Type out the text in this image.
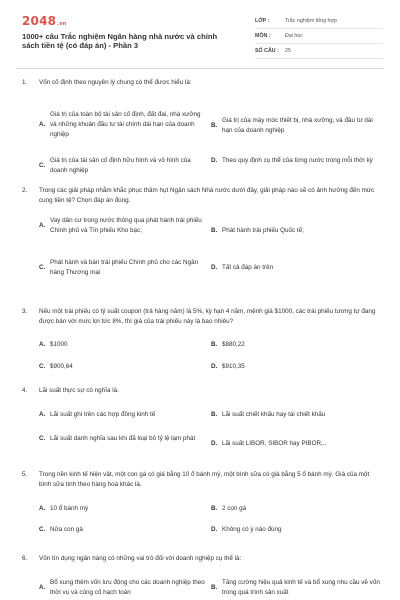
2048.vn
1000+ câu Trắc nghiệm Ngân hàng nhà nước và chính sách tiền tệ (có đáp án) - Phần 3
LỚP :	Trắc nghiệm tổng hợp
MÔN :	Đại học
SỐ CÂU :	25
1.	Vốn cố định theo nguyên lý chung có thể được hiểu là:
A.
Giá trị của toàn bộ tài sản cố định, đất đai, nhà xưởng và những khoản đầu tư tài chính dài hạn của doanh nghiệp
B.
Giá trị của máy móc thiết bị, nhà xưởng, và đầu tư dài hạn của doanh nghiệp
C.
Giá trị của tài sản cố định hữu hình và vô hình của doanh nghiệp
D. Theo quy định cụ thể của từng nước trong mỗi thời kỳ
2.	Trong các giải pháp nhằm khắc phục thâm hụt Ngân sách Nhà nước dưới đây, giải pháp nào sẽ có ảnh hưởng đến mức cung tiền tệ? Chọn đáp án đúng.
A.
Vay dân cư trong nước thông qua phát hành trái phiếu Chính phủ và Tín phiếu Kho bạc;	B. Phát hành trái phiếu Quốc tế;
C.
Phát hành và bán trái phiếu Chính phủ cho các Ngân hàng Thương mại
D. Tất cả đáp án trên
3.	Nếu một trái phiếu có tỷ suất coupon (trả hàng năm) là 5%, kỳ hạn 4 năm, mệnh giá $1000, các trái phiếu tương tự đang được bán với mức lợi tức 8%, thì giá của trái phiếu này là bao nhiêu?
A. $1000	B. $880,22
C. $900,64	D. $910,35
4.	Lãi suất thực sự có nghĩa là.
A. Lãi suất ghi trên các hợp đồng kinh tế	B. Lãi suất chiết khấu hay tái chiết khấu
C. Lãi suất danh nghĩa sau khi đã loại bỏ tỷ lệ lạm phát
D. Lãi suất LIBOR, SIBOR hay PIBOR,..
5.	Trong nền kinh tế hiện vật, một con gà có giá bằng 10 ổ bánh mỳ, một bình sữa có giá bằng 5 ổ bánh mỳ. Giá của một bình sữa tính theo hàng hoá khác là.
A. 10 ổ bánh mỳ	B. 2 con gà
C. Nửa con gà	D. Không có ý nào đúng
6.	Vốn tín dụng ngân hàng có những vai trò đối với doanh nghiệp cụ thể là:
A.
Bổ xung thêm vốn lưu động cho các doanh nghiệp theo thời vụ và củng cố hạch toán
B.
Tăng cường hiệu quả kinh tế và bổ xung nhu cầu về vốn trong quá trình sản xuất
